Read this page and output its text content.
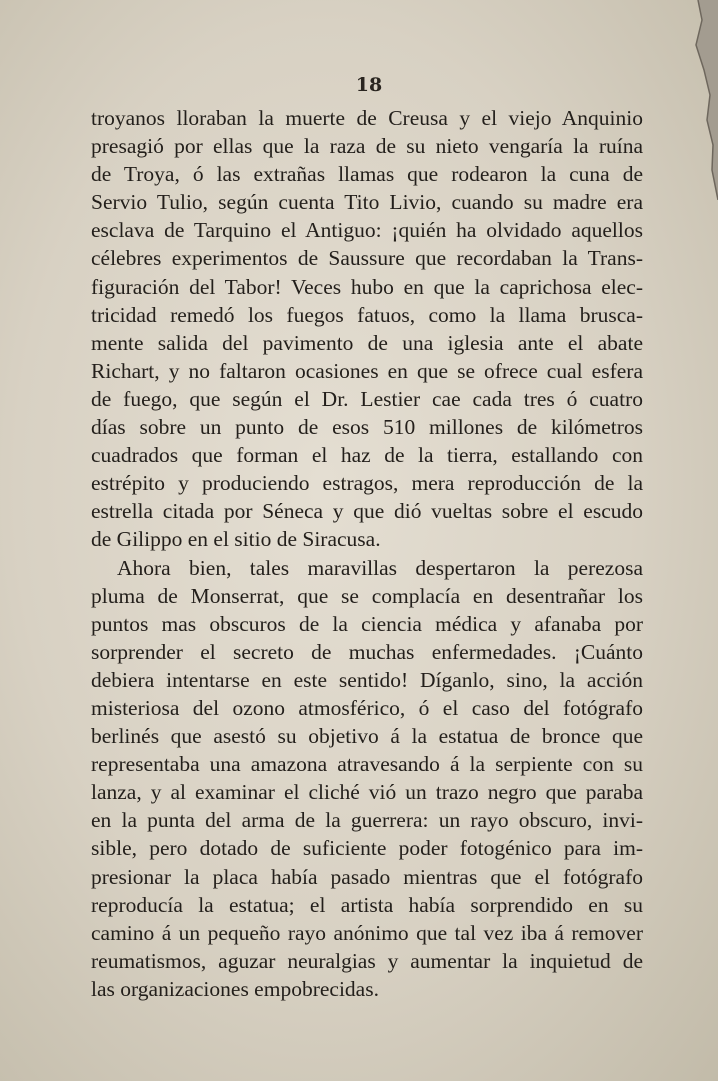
18
troyanos lloraban la muerte de Creusa y el viejo Anquinio
presagió por ellas que la raza de su nieto vengaría la ruína
de Troya, ó las extrañas llamas que rodearon la cuna de
Servio Tulio, según cuenta Tito Livio, cuando su madre era
esclava de Tarquino el Antiguo: ¡quién ha olvidado aquellos
célebres experimentos de Saussure que recordaban la Trans-
figuración del Tabor! Veces hubo en que la caprichosa elec-
tricidad remedó los fuegos fatuos, como la llama brusca-
mente salida del pavimento de una iglesia ante el abate
Richart, y no faltaron ocasiones en que se ofrece cual esfera
de fuego, que según el Dr. Lestier cae cada tres ó cuatro
días sobre un punto de esos 510 millones de kilómetros
cuadrados que forman el haz de la tierra, estallando con
estrépito y produciendo estragos, mera reproducción de la
estrella citada por Séneca y que dió vueltas sobre el escudo
de Gilippo en el sitio de Siracusa.
Ahora bien, tales maravillas despertaron la perezosa
pluma de Monserrat, que se complacía en desentrañar los
puntos mas obscuros de la ciencia médica y afanaba por
sorprender el secreto de muchas enfermedades. ¡Cuánto
debiera intentarse en este sentido! Díganlo, sino, la acción
misteriosa del ozono atmosférico, ó el caso del fotógrafo
berlinés que asestó su objetivo á la estatua de bronce que
representaba una amazona atravesando á la serpiente con su
lanza, y al examinar el cliché vió un trazo negro que paraba
en la punta del arma de la guerrera: un rayo obscuro, invi-
sible, pero dotado de suficiente poder fotogénico para im-
presionar la placa había pasado mientras que el fotógrafo
reproducía la estatua; el artista había sorprendido en su
camino á un pequeño rayo anónimo que tal vez iba á remover
reumatismos, aguzar neuralgias y aumentar la inquietud de
las organizaciones empobrecidas.
